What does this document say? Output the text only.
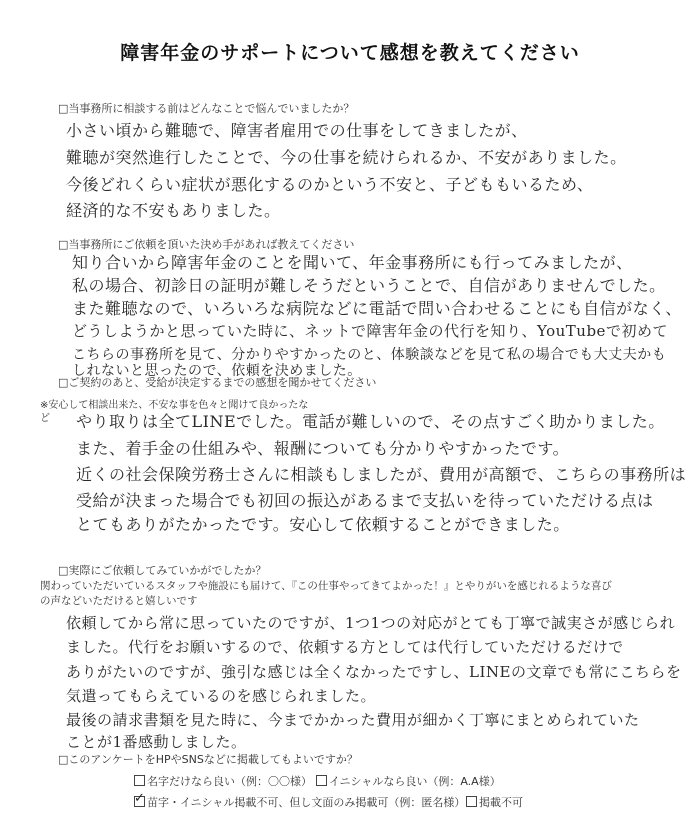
障害年金のサポートについて感想を教えてください
□当事務所に相談する前はどんなことで悩んでいましたか？
小さい頃から難聴で、障害者雇用での仕事をしてきましたが、
難聴が突然進行したことで、今の仕事を続けられるか、不安がありました。
今後どれくらい症状が悪化するのかという不安と、子どももいるため、
経済的な不安もありました。
□当事務所にご依頼を頂いた決め手があれば教えてください
知り合いから障害年金のことを聞いて、年金事務所にも行ってみましたが、
私の場合、初診日の証明が難しそうだということで、自信がありませんでした。
また難聴なので、いろいろな病院などに電話で問い合わせることにも自信がなく、
どうしようかと思っていた時に、ネットで障害年金の代行を知り、YouTubeで初めて
こちらの事務所を見て、分かりやすかったのと、体験談などを見て私の場合でも大丈夫かも
しれないと思ったので、依頼を決めました。
□ご契約のあと、受給が決定するまでの感想を聞かせてください
※安心して相談出来た、不安な事を色々と聞けて良かったな
ど やり取りは全てLINEでした。電話が難しいので、その点すごく助かりました。
また、着手金の仕組みや、報酬についても分かりやすかったです。
近くの社会保険労務士さんに相談もしましたが、費用が高額で、こちらの事務所は
受給が決まった場合でも初回の振込があるまで支払いを待っていただける点は
とてもありがたかったです。安心して依頼することができました。
□実際にご依頼してみていかがでしたか？
関わっていただいているスタッフや施設にも届けて、『この仕事やってきてよかった！』とやりがいを感じれるような喜び
の声などいただけると嬉しいです
依頼してから常に思っていたのですが、1つ1つの対応がとても丁寧で誠実さが感じられ
ました。代行をお願いするので、依頼する方としては代行していただけるだけで
ありがたいのですが、強引な感じは全くなかったですし、LINEの文章でも常にこちらを
気遣ってもらえているのを感じられました。
最後の請求書類を見た時に、今までかかった費用が細かく丁寧にまとめられていた
ことが1番感動しました。
□このアンケートをHPやSNSなどに掲載してもよいですか？
名字だけなら良い（例：〇〇様）	イニシャルなら良い（例：A.A様）
✓苗字・イニシャル掲載不可、但し文面のみ掲載可（例：匿名様）	掲載不可
